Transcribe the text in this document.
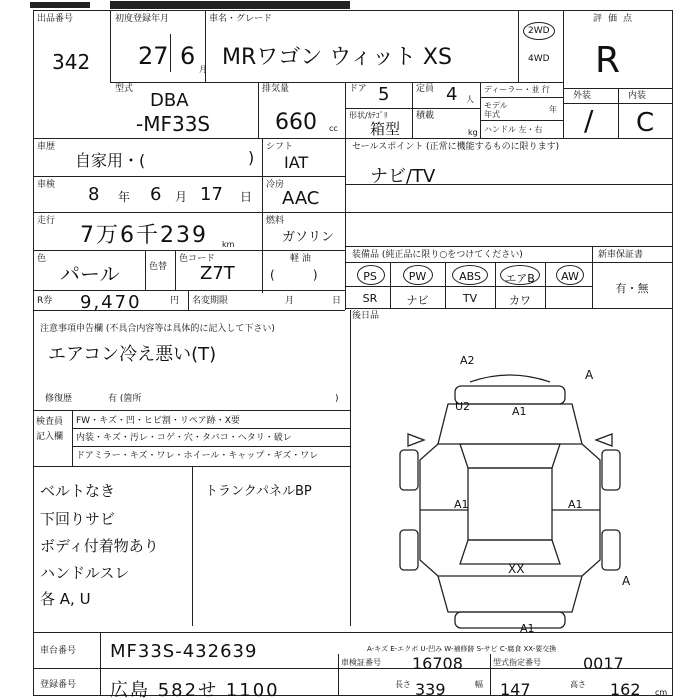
出品番号
342
初度登録年月
27 6 月
車名・グレード
MRワゴン ウィット XS
2WD
4WD
評価点
R
型式
DBA
-MF33S
排気量
660 cc
ドア 5	定員 4 人
形状/ｶﾃｺﾞﾘ
箱型
積載
kg
ディーラー・並 行
モデル年式
年
ハンドル 左・右
外装	内装
/ C
車歴
自家用・(	)
シフト
IAT
車検 8 年 6 月 17 日
冷房
AAC
走行
7万6千239 km
燃料
ガソリン
色
パール	色替
色コード
Z7T
軽 油
(          )
R券 9,470	円 名変期限	月	日
セールスポイント (正常に機能するものに限ります)
ナビ/TV
装備品 (純正品に限り○をつけてください)	新車保証書
PS	PW	ABS	エアB	AW
SR	ナビ	TV	カワ
有・無
後日品
注意事項申告欄 (不具合内容等は具体的に記入して下さい)
エアコン冷え悪い(T)
修復歴	有 (箇所	)
検査員
記入欄
FW・キズ・凹・ヒビ割・リペア跡・X要
内装・キズ・汚レ・コゲ・穴・タバコ・ヘタリ・破レ
ドアミラー・キズ・ワレ・ホイール・キャップ・ギズ・ワレ
ベルトなき
下回りサビ
ボディ付着物あり
ハンドルスレ
各 A, U
トランクパネルBP
A2
A
U2	A1
A1	A1
XX
A
A1
A-キズ E-エクボ U-凹み W-補修跡 S-サビ C-腐食 XX-要交換
車台番号 MF33S-432639
車検証番号 16708	型式指定番号	0017
登録番号 広島 582せ 1100	長さ 339	幅 147	高さ 162 cm
